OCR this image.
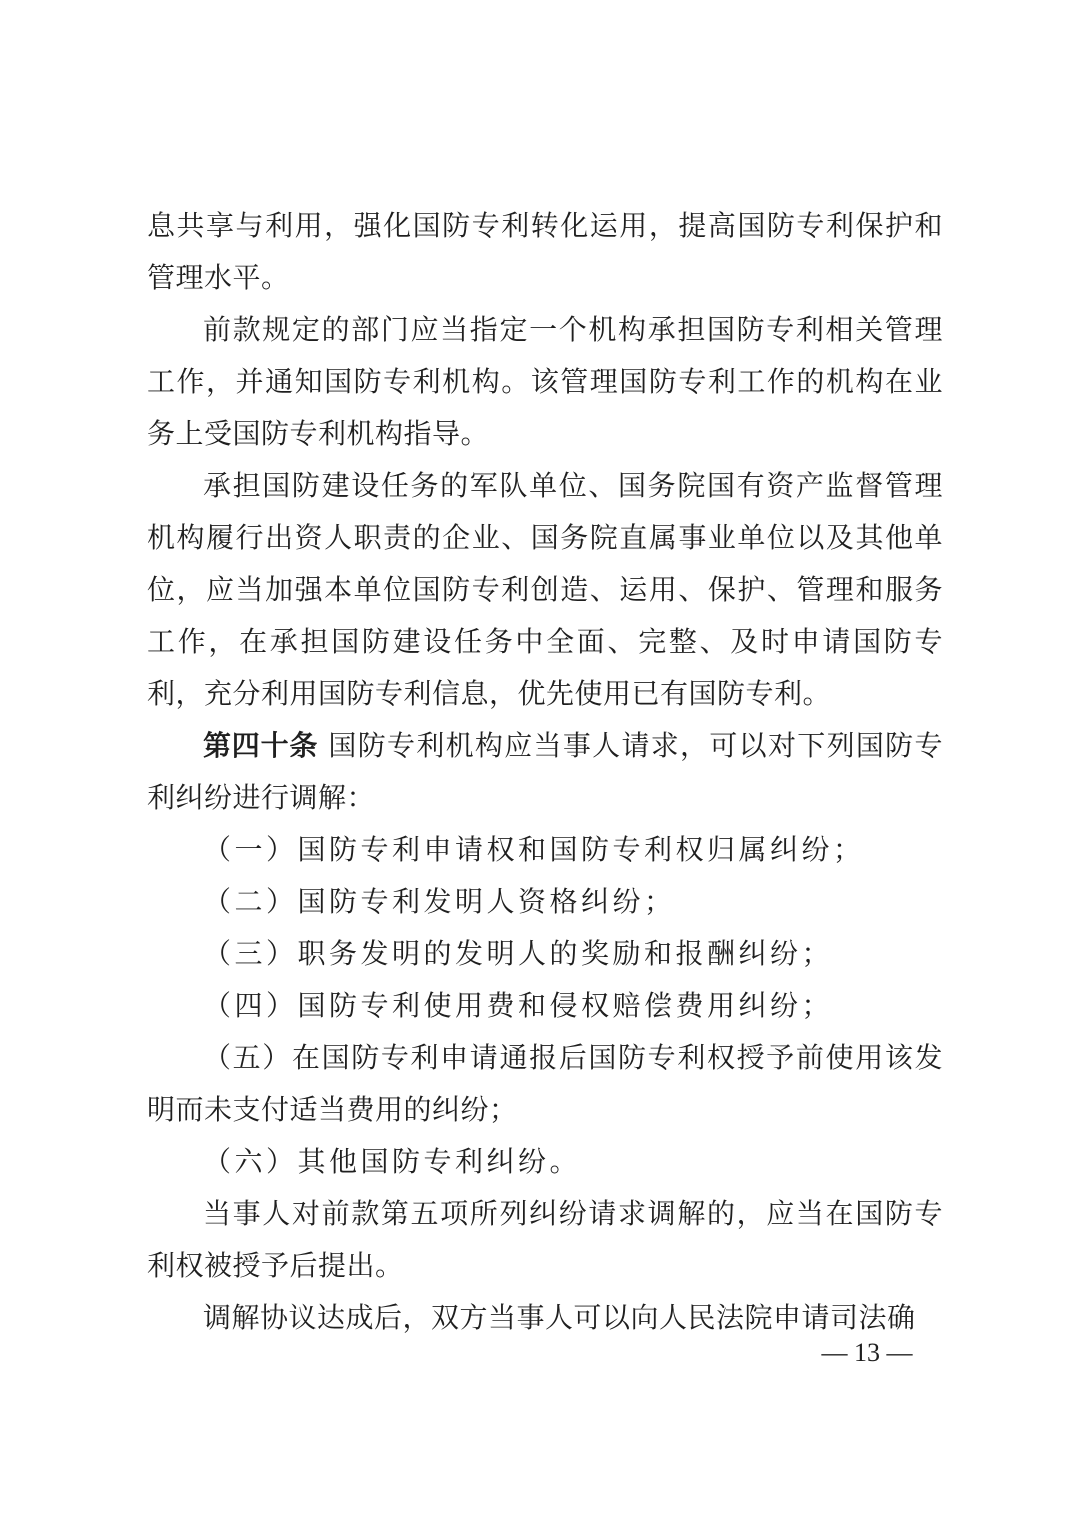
息共享与利用，强化国防专利转化运用，提高国防专利保护和管理水平。

前款规定的部门应当指定一个机构承担国防专利相关管理工作，并通知国防专利机构。该管理国防专利工作的机构在业务上受国防专利机构指导。

承担国防建设任务的军队单位、国务院国有资产监督管理机构履行出资人职责的企业、国务院直属事业单位以及其他单位，应当加强本单位国防专利创造、运用、保护、管理和服务工作，在承担国防建设任务中全面、完整、及时申请国防专利，充分利用国防专利信息，优先使用已有国防专利。

第四十条 国防专利机构应当事人请求，可以对下列国防专利纠纷进行调解：

（一）国防专利申请权和国防专利权归属纠纷；

（二）国防专利发明人资格纠纷；

（三）职务发明的发明人的奖励和报酬纠纷；

（四）国防专利使用费和侵权赔偿费用纠纷；

（五）在国防专利申请通报后国防专利权授予前使用该发明而未支付适当费用的纠纷；

（六）其他国防专利纠纷。

当事人对前款第五项所列纠纷请求调解的，应当在国防专利权被授予后提出。

调解协议达成后，双方当事人可以向人民法院申请司法确

— 13 —
